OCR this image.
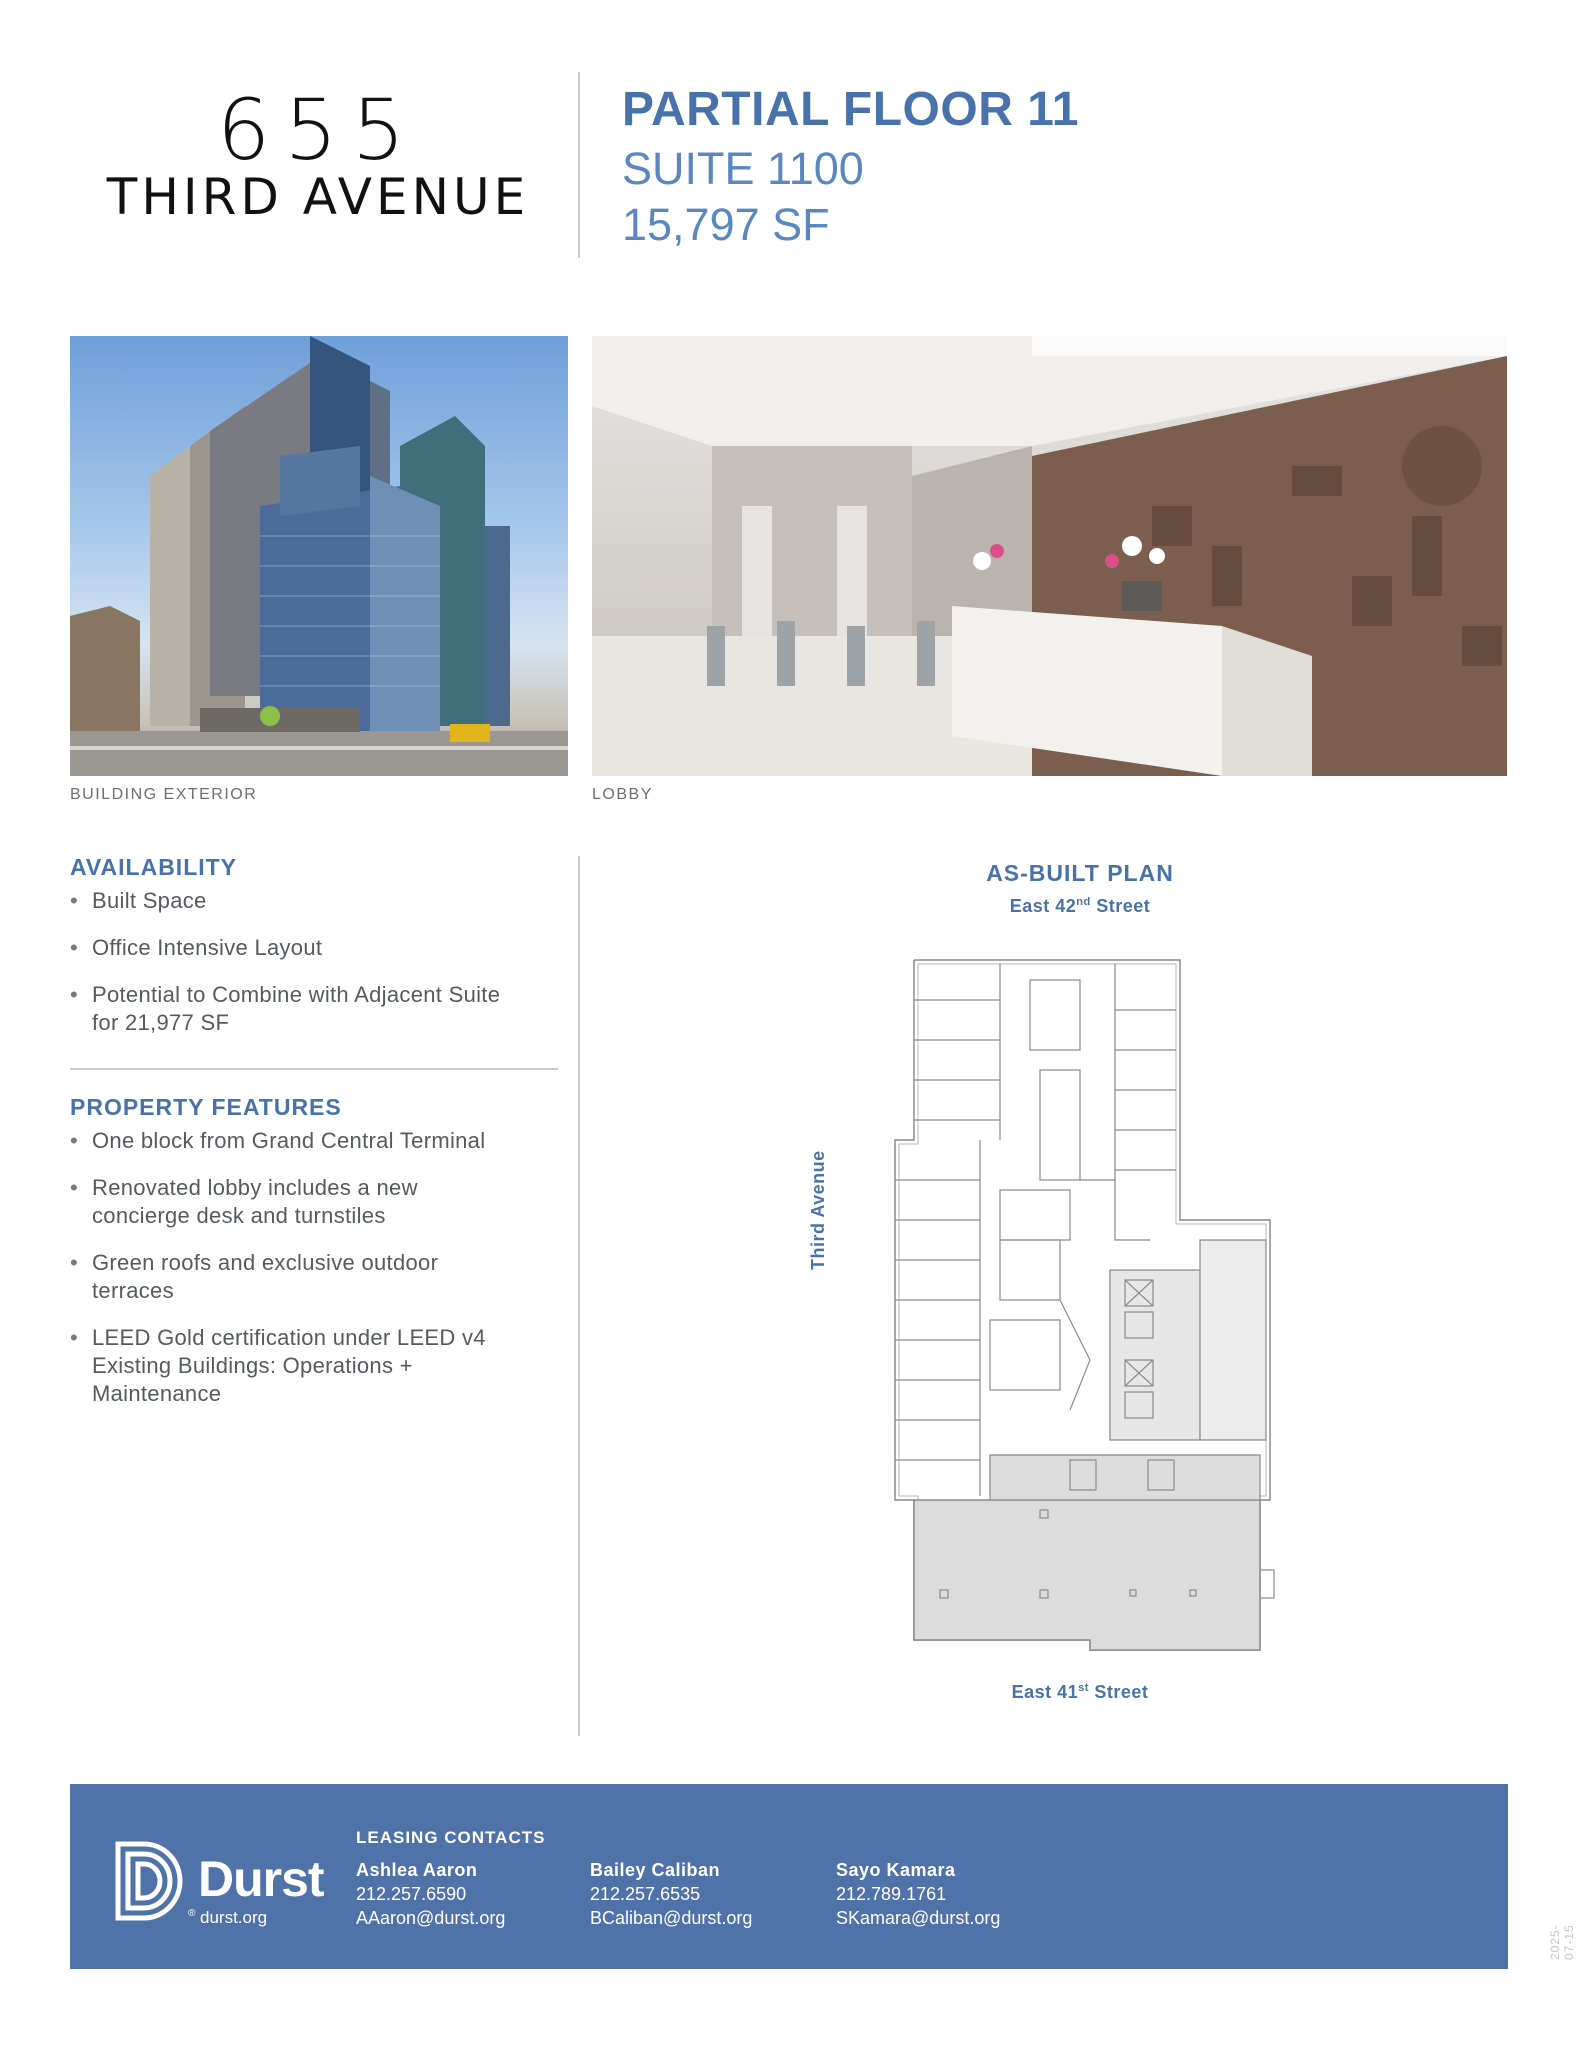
655
THIRD AVENUE
PARTIAL FLOOR 11
SUITE 1100
15,797 SF
BUILDING EXTERIOR	LOBBY
AVAILABILITY
• Built Space
• Office Intensive Layout
• Potential to Combine with Adjacent Suite for 21,977 SF
PROPERTY FEATURES
• One block from Grand Central Terminal
• Renovated lobby includes a new concierge desk and turnstiles
• Green roofs and exclusive outdoor terraces
• LEED Gold certification under LEED v4 Existing Buildings: Operations + Maintenance
AS-BUILT PLAN
East 42nd Street
East 41st Street
Third Avenue
Durst
® durst.org
LEASING CONTACTS
Ashlea Aaron
212.257.6590
AAaron@durst.org
Bailey Caliban
212.257.6535
BCaliban@durst.org
Sayo Kamara
212.789.1761
SKamara@durst.org
2025-07-15
